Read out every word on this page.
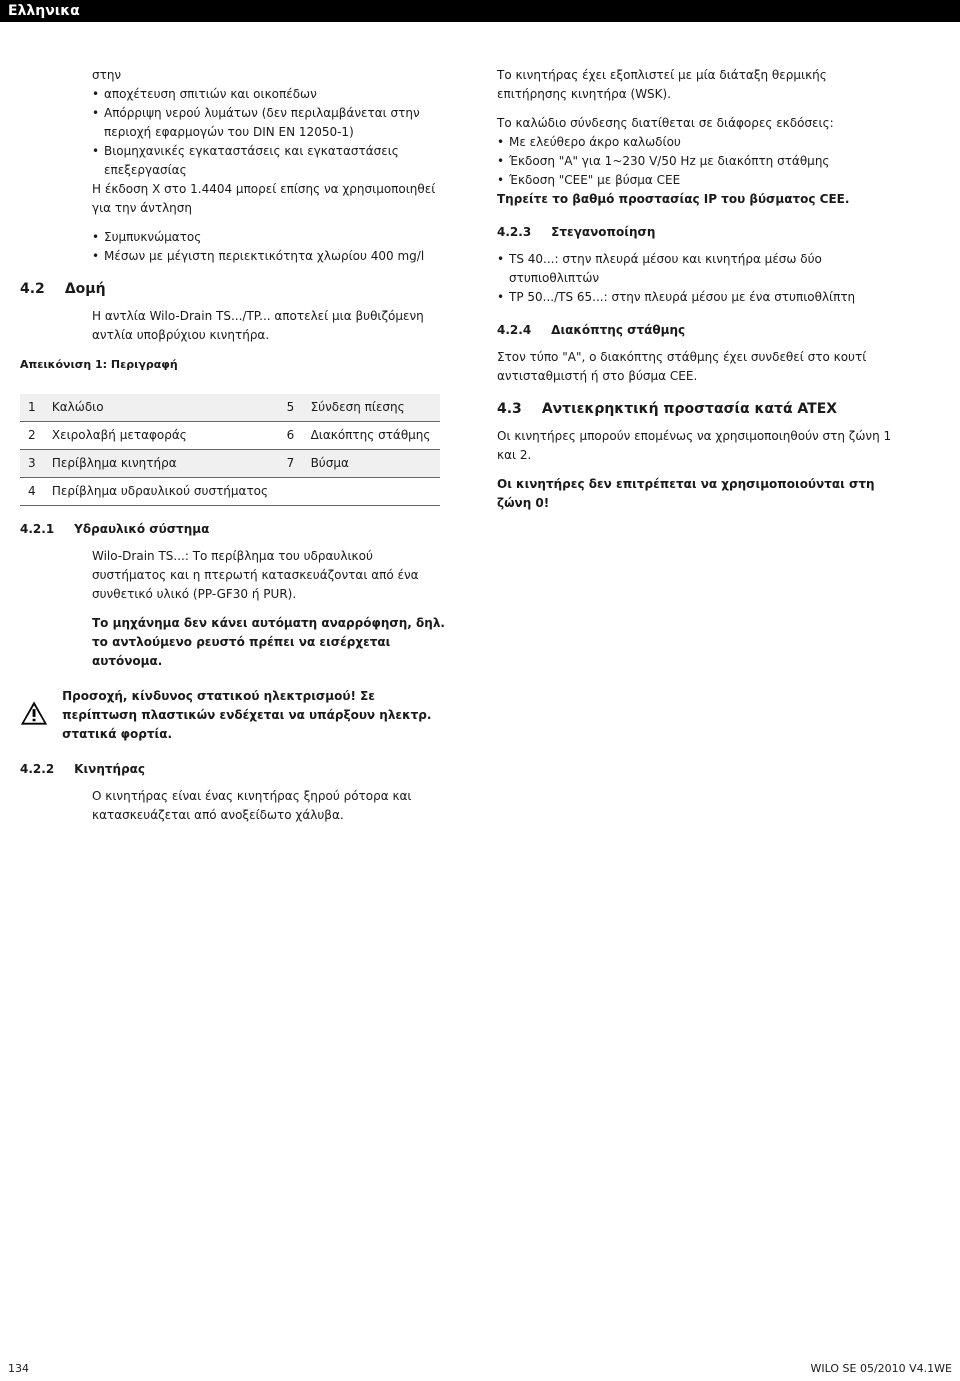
Ελληνικα
στην
• αποχέτευση σπιτιών και οικοπέδων
• Απόρριψη νερού λυμάτων (δεν περιλαμβάνεται στην περιοχή εφαρμογών του DIN EN 12050-1)
• Βιομηχανικές εγκαταστάσεις και εγκαταστάσεις επεξεργασίας
Η έκδοση X στο 1.4404 μπορεί επίσης να χρησιμοποιηθεί για την άντληση
• Συμπυκνώματος
• Μέσων με μέγιστη περιεκτικότητα χλωρίου 400 mg/l
4.2 Δομή
Η αντλία Wilo-Drain TS.../TP... αποτελεί μια βυθιζόμενη αντλία υποβρύχιου κινητήρα.
Απεικόνιση 1: Περιγραφή
1	Καλώδιο	5	Σύνδεση πίεσης
2	Χειρολαβή μεταφοράς	6	Διακόπτης στάθμης
3	Περίβλημα κινητήρα	7	Βύσμα
4	Περίβλημα υδραυλικού συστήματος		
4.2.1 Υδραυλικό σύστημα
Wilo-Drain TS...: Το περίβλημα του υδραυλικού συστήματος και η πτερωτή κατασκευάζονται από ένα συνθετικό υλικό (PP-GF30 ή PUR).
Το μηχάνημα δεν κάνει αυτόματη αναρρόφηση, δηλ. το αντλούμενο ρευστό πρέπει να εισέρχεται αυτόνομα.
Προσοχή, κίνδυνος στατικού ηλεκτρισμού! Σε περίπτωση πλαστικών ενδέχεται να υπάρξουν ηλεκτρ. στατικά φορτία.
4.2.2 Κινητήρας
Ο κινητήρας είναι ένας κινητήρας ξηρού ρότορα και κατασκευάζεται από ανοξείδωτο χάλυβα.
Το κινητήρας έχει εξοπλιστεί με μία διάταξη θερμικής επιτήρησης κινητήρα (WSK).
Το καλώδιο σύνδεσης διατίθεται σε διάφορες εκδόσεις:
• Με ελεύθερο άκρο καλωδίου
• Έκδοση "A" για 1~230 V/50 Hz με διακόπτη στάθμης
• Έκδοση "CEE" με βύσμα CEE
Τηρείτε το βαθμό προστασίας IP του βύσματος CEE.
4.2.3 Στεγανοποίηση
• TS 40...: στην πλευρά μέσου και κινητήρα μέσω δύο στυπιοθλιπτών
• TP 50.../TS 65...: στην πλευρά μέσου με ένα στυπιοθλίπτη
4.2.4 Διακόπτης στάθμης
Στον τύπο "A", ο διακόπτης στάθμης έχει συνδεθεί στο κουτί αντισταθμιστή ή στο βύσμα CEE.
4.3 Αντιεκρηκτική προστασία κατά ATEX
Οι κινητήρες μπορούν επομένως να χρησιμοποιηθούν στη ζώνη 1 και 2.
Οι κινητήρες δεν επιτρέπεται να χρησιμοποιούνται στη ζώνη 0!
134	WILO SE 05/2010 V4.1WE
